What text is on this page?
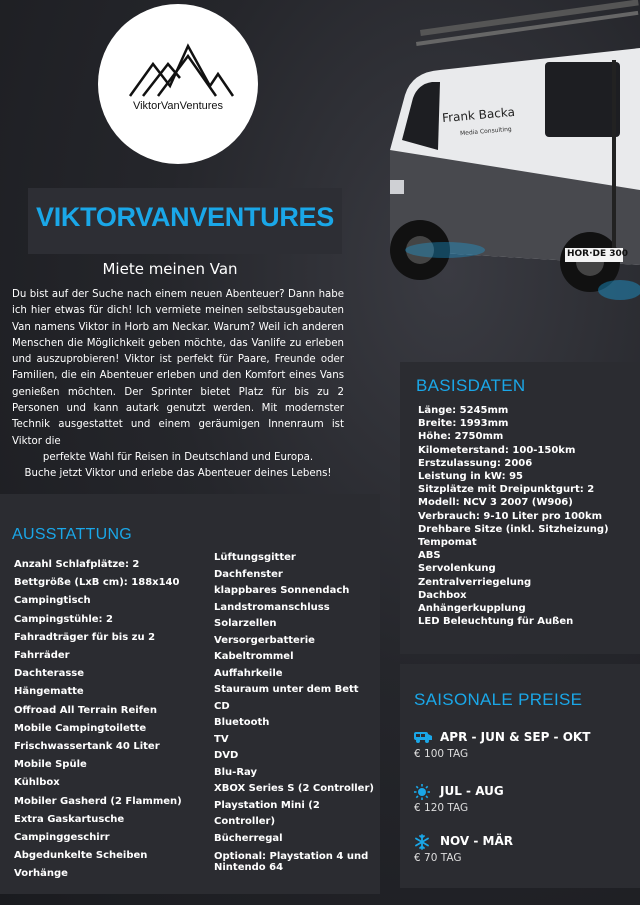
Frank Backa
Media Consulting
HOR·DE 300
ViktorVanVentures
VIKTORVANVENTURES
Miete meinen Van

Du bist auf der Suche nach einem neuen Abenteuer? Dann habe ich hier etwas für dich! Ich vermiete meinen selbstausgebauten Van namens Viktor in Horb am Neckar. Warum? Weil ich anderen Menschen die Möglichkeit geben möchte, das Vanlife zu erleben und auszuprobieren! Viktor ist perfekt für Paare, Freunde oder Familien, die ein Abenteuer erleben und den Komfort eines Vans genießen möchten. Der Sprinter bietet Platz für bis zu 2 Personen und kann autark genutzt werden. Mit modernster Technik ausgestattet und einem geräumigen Innenraum ist Viktor die

perfekte Wahl für Reisen in Deutschland und Europa.

Buche jetzt Viktor und erlebe das Abenteuer deines Lebens!

BASISDATEN
Länge: 5245mm
Breite: 1993mm
Höhe: 2750mm
Kilometerstand: 100-150km
Erstzulassung: 2006
Leistung in kW: 95
Sitzplätze mit Dreipunktgurt: 2
Modell: NCV 3 2007 (W906)
Verbrauch: 9-10 Liter pro 100km
Drehbare Sitze (inkl. Sitzheizung)
Tempomat
ABS
Servolenkung
Zentralverriegelung
Dachbox
Anhängerkupplung
LED Beleuchtung für Außen
AUSSTATTUNG
Anzahl Schlafplätze: 2
Bettgröße (LxB cm): 188x140
Campingtisch
Campingstühle: 2
Fahradträger für bis zu 2 Fahrräder
Dachterasse
Hängematte
Offroad All Terrain Reifen
Mobile Campingtoilette
Frischwassertank 40 Liter
Mobile Spüle
Kühlbox
Mobiler Gasherd (2 Flammen)
Extra Gaskartusche
Campinggeschirr
Abgedunkelte Scheiben
Vorhänge
Lüftungsgitter
Dachfenster
klappbares Sonnendach
Landstromanschluss
Solarzellen
Versorgerbatterie
Kabeltrommel
Auffahrkeile
Stauraum unter dem Bett
CD
Bluetooth
TV
DVD
Blu-Ray
XBOX Series S (2 Controller)
Playstation Mini (2 Controller)
Bücherregal
Optional: Playstation 4 und Nintendo 64
SAISONALE PREISE
APR - JUN & SEP - OKT
€ 100 TAG
JUL - AUG
€ 120 TAG
NOV - MÄR
€ 70 TAG
